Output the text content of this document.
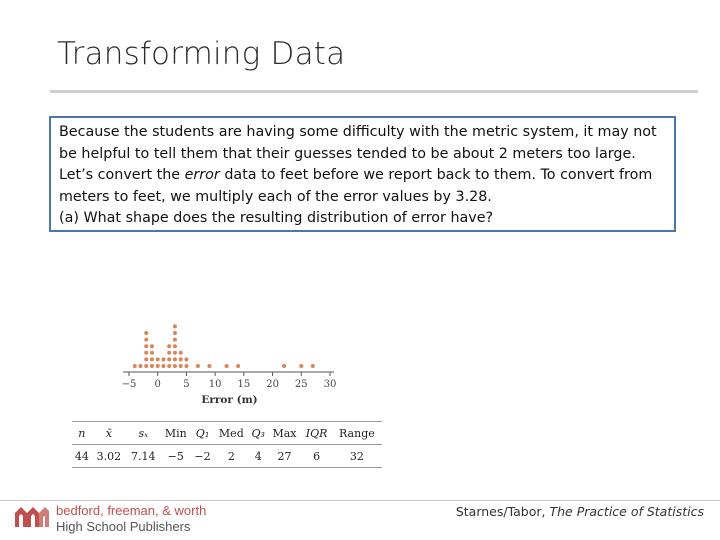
Transforming Data

Because the students are having some difficulty with the metric system, it may not be helpful to tell them that their guesses tended to be about 2 meters too large. Let’s convert the error data to feet before we report back to them. To convert from meters to feet, we multiply each of the error values by 3.28.

(a) What shape does the resulting distribution of error have?

−5 0 5 10 15 20 25 30
Error (m)
n	x̄	sₓ	Min	Q₁	Med	Q₃	Max	IQR	Range
44	3.02	7.14	−5	−2	2	4	27	6	32
bedford, freeman, & worth
High School Publishers
Starnes/Tabor, The Practice of Statistics
